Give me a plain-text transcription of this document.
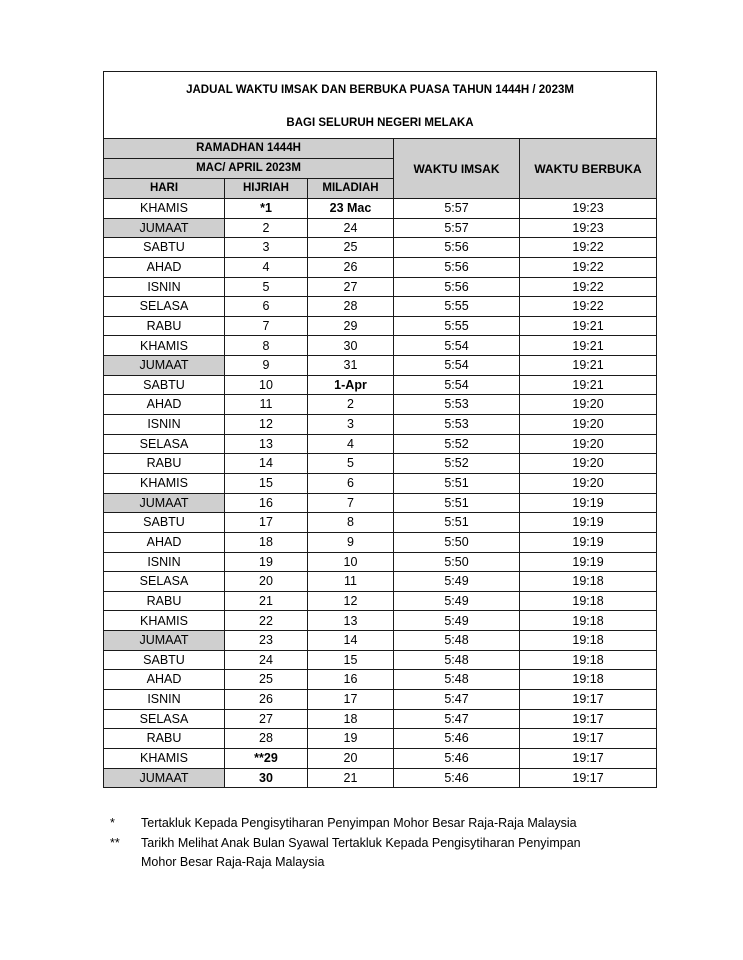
JADUAL WAKTU IMSAK DAN BERBUKA PUASA TAHUN 1444H / 2023M				
BAGI SELURUH NEGERI MELAKA				
RAMADHAN 1444H			WAKTU IMSAK	WAKTU BERBUKA
MAC/ APRIL 2023M				
HARI	HIJRIAH	MILADIAH		
KHAMIS	*1	23 Mac	5:57	19:23
JUMAAT	2	24	5:57	19:23
SABTU	3	25	5:56	19:22
AHAD	4	26	5:56	19:22
ISNIN	5	27	5:56	19:22
SELASA	6	28	5:55	19:22
RABU	7	29	5:55	19:21
KHAMIS	8	30	5:54	19:21
JUMAAT	9	31	5:54	19:21
SABTU	10	1-Apr	5:54	19:21
AHAD	11	2	5:53	19:20
ISNIN	12	3	5:53	19:20
SELASA	13	4	5:52	19:20
RABU	14	5	5:52	19:20
KHAMIS	15	6	5:51	19:20
JUMAAT	16	7	5:51	19:19
SABTU	17	8	5:51	19:19
AHAD	18	9	5:50	19:19
ISNIN	19	10	5:50	19:19
SELASA	20	11	5:49	19:18
RABU	21	12	5:49	19:18
KHAMIS	22	13	5:49	19:18
JUMAAT	23	14	5:48	19:18
SABTU	24	15	5:48	19:18
AHAD	25	16	5:48	19:18
ISNIN	26	17	5:47	19:17
SELASA	27	18	5:47	19:17
RABU	28	19	5:46	19:17
KHAMIS	**29	20	5:46	19:17
JUMAAT	30	21	5:46	19:17
*	Tertakluk Kepada Pengisytiharan Penyimpan Mohor Besar Raja-Raja Malaysia
**	Tarikh Melihat Anak Bulan Syawal Tertakluk Kepada Pengisytiharan Penyimpan
Mohor Besar Raja-Raja Malaysia
